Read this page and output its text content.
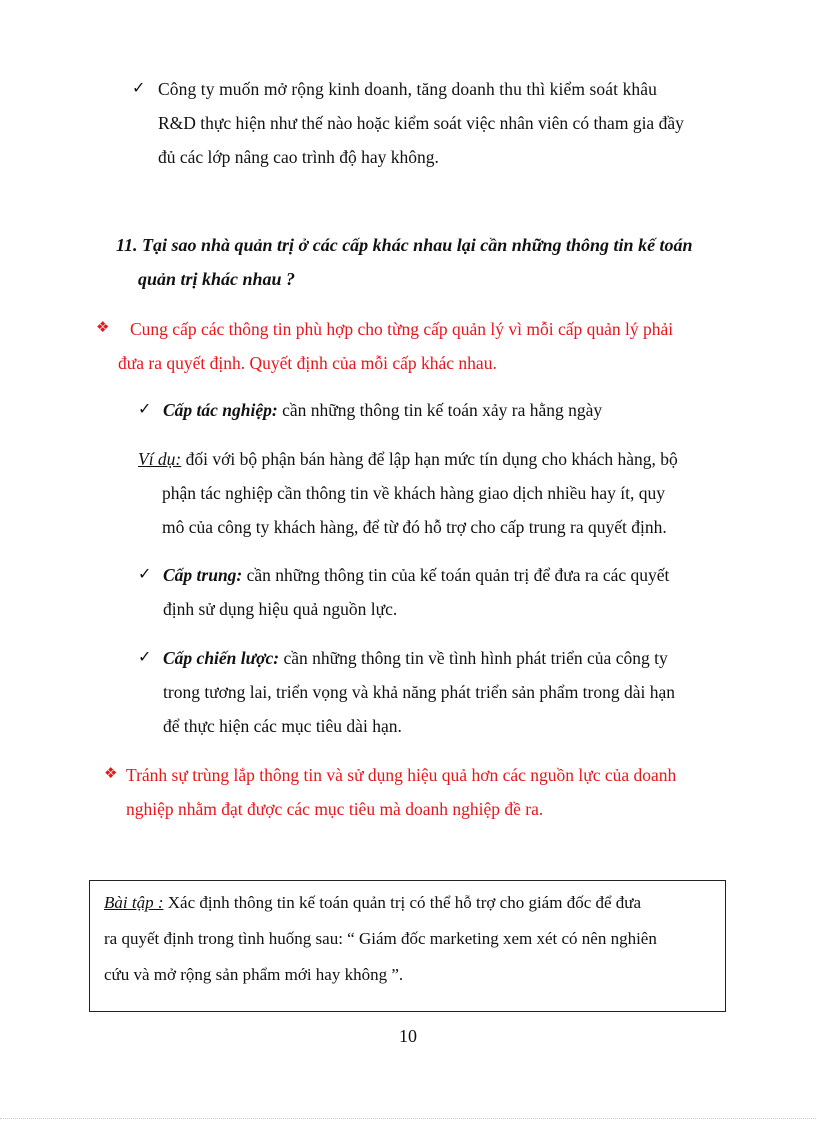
✓ Công ty muốn mở rộng kinh doanh, tăng doanh thu thì kiểm soát khâu
R&D thực hiện như thế nào hoặc kiểm soát việc nhân viên có tham gia đầy
đủ các lớp nâng cao trình độ hay không.
11. Tại sao nhà quản trị ở các cấp khác nhau lại cần những thông tin kế toán
quản trị khác nhau ?
❖	Cung cấp các thông tin phù hợp cho từng cấp quản lý vì mỗi cấp quản lý phải
đưa ra quyết định. Quyết định của mỗi cấp khác nhau.
✓ Cấp tác nghiệp: cần những thông tin kế toán xảy ra hằng ngày
Ví dụ: đối với bộ phận bán hàng để lập hạn mức tín dụng cho khách hàng, bộ
phận tác nghiệp cần thông tin về khách hàng giao dịch nhiều hay ít, quy
mô của công ty khách hàng, để từ đó hỗ trợ cho cấp trung ra quyết định.
✓ Cấp trung: cần những thông tin của kế toán quản trị để đưa ra các quyết
định sử dụng hiệu quả nguồn lực.
✓ Cấp chiến lược: cần những thông tin về tình hình phát triển của công ty
trong tương lai, triển vọng và khả năng phát triển sản phẩm trong dài hạn
để thực hiện các mục tiêu dài hạn.
❖ Tránh sự trùng lắp thông tin và sử dụng hiệu quả hơn các nguồn lực của doanh
nghiệp nhằm đạt được các mục tiêu mà doanh nghiệp đề ra.
Bài tập : Xác định thông tin kế toán quản trị có thể hỗ trợ cho giám đốc để đưa
ra quyết định trong tình huống sau: “ Giám đốc marketing xem xét có nên nghiên
cứu và mở rộng sản phẩm mới hay không ”.
10
